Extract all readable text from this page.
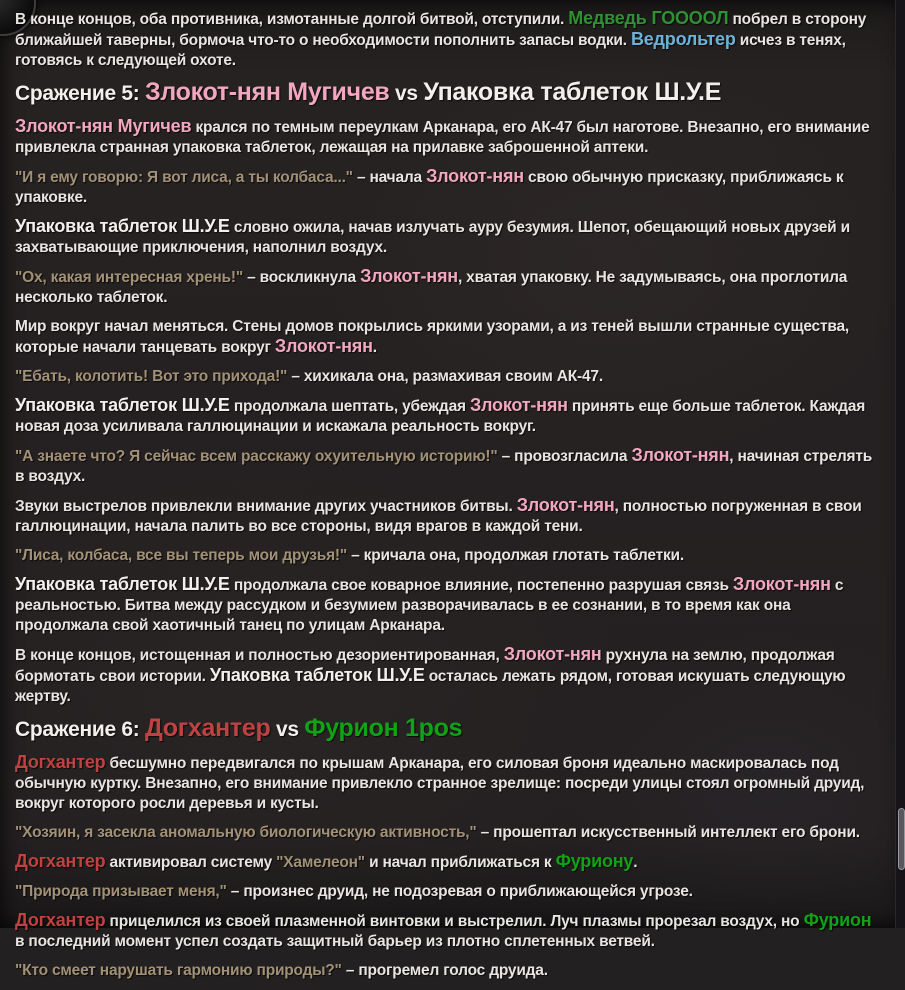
В конце концов, оба противника, измотанные долгой битвой, отступили. Медведь ГООООЛ побрел в сторону ближайшей таверны, бормоча что-то о необходимости пополнить запасы водки. Ведрольтер исчез в тенях, готовясь к следующей охоте.

Сражение 5: Злокот-нян Мугичев vs Упаковка таблеток Ш.У.Е

Злокот-нян Мугичев крался по темным переулкам Арканара, его АК-47 был наготове. Внезапно, его внимание привлекла странная упаковка таблеток, лежащая на прилавке заброшенной аптеки.

"И я ему говорю: Я вот лиса, а ты колбаса..." – начала Злокот-нян свою обычную присказку, приближаясь к упаковке.

Упаковка таблеток Ш.У.Е словно ожила, начав излучать ауру безумия. Шепот, обещающий новых друзей и захватывающие приключения, наполнил воздух.

"Ох, какая интересная хрень!" – воскликнула Злокот-нян, хватая упаковку. Не задумываясь, она проглотила несколько таблеток.

Мир вокруг начал меняться. Стены домов покрылись яркими узорами, а из теней вышли странные существа, которые начали танцевать вокруг Злокот-нян.

"Ебать, колотить! Вот это прихода!" – хихикала она, размахивая своим АК-47.

Упаковка таблеток Ш.У.Е продолжала шептать, убеждая Злокот-нян принять еще больше таблеток. Каждая новая доза усиливала галлюцинации и искажала реальность вокруг.

"А знаете что? Я сейчас всем расскажу охуительную историю!" – провозгласила Злокот-нян, начиная стрелять в воздух.

Звуки выстрелов привлекли внимание других участников битвы. Злокот-нян, полностью погруженная в свои галлюцинации, начала палить во все стороны, видя врагов в каждой тени.

"Лиса, колбаса, все вы теперь мои друзья!" – кричала она, продолжая глотать таблетки.

Упаковка таблеток Ш.У.Е продолжала свое коварное влияние, постепенно разрушая связь Злокот-нян с реальностью. Битва между рассудком и безумием разворачивалась в ее сознании, в то время как она продолжала свой хаотичный танец по улицам Арканара.

В конце концов, истощенная и полностью дезориентированная, Злокот-нян рухнула на землю, продолжая бормотать свои истории. Упаковка таблеток Ш.У.Е осталась лежать рядом, готовая искушать следующую жертву.

Сражение 6: Догхантер vs Фурион 1pos

Догхантер бесшумно передвигался по крышам Арканара, его силовая броня идеально маскировалась под обычную куртку. Внезапно, его внимание привлекло странное зрелище: посреди улицы стоял огромный друид, вокруг которого росли деревья и кусты.

"Хозяин, я засекла аномальную биологическую активность," – прошептал искусственный интеллект его брони.

Догхантер активировал систему "Хамелеон" и начал приближаться к Фуриону.

"Природа призывает меня," – произнес друид, не подозревая о приближающейся угрозе.

Догхантер прицелился из своей плазменной винтовки и выстрелил. Луч плазмы прорезал воздух, но Фурион в последний момент успел создать защитный барьер из плотно сплетенных ветвей.

"Кто смеет нарушать гармонию природы?" – прогремел голос друида.
